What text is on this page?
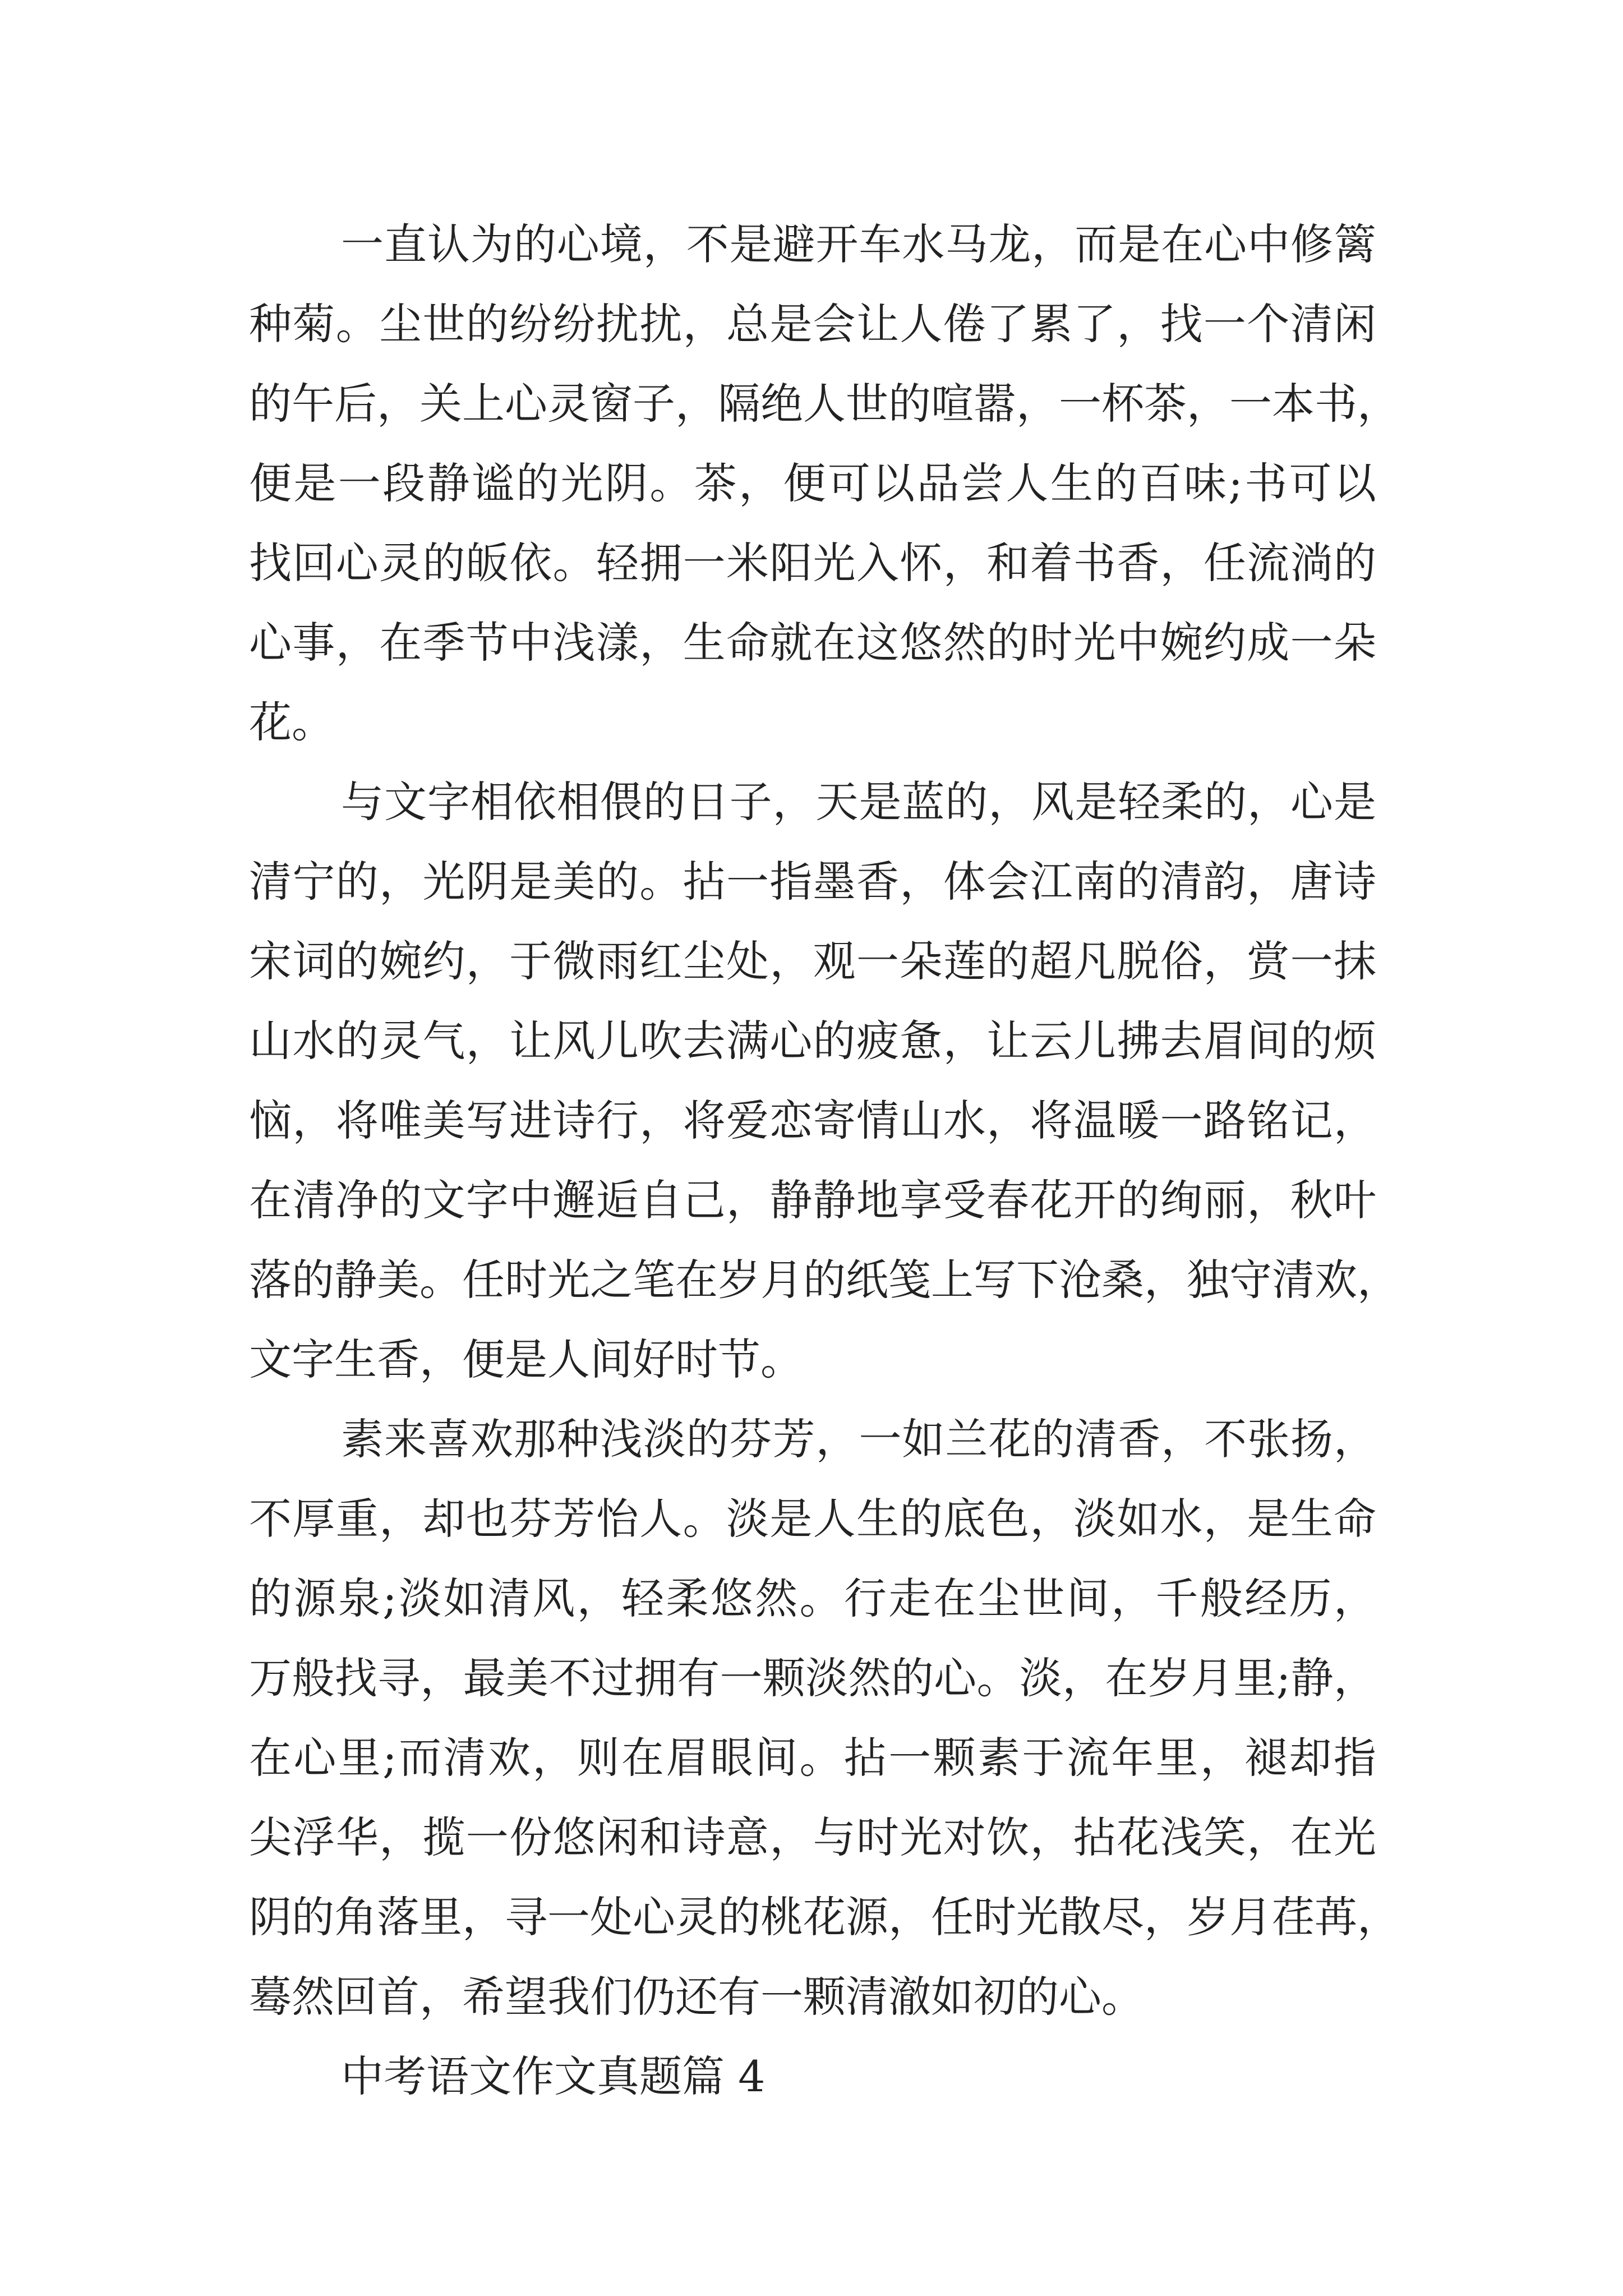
一直认为的心境，不是避开车水马龙，而是在心中修篱
种菊。尘世的纷纷扰扰，总是会让人倦了累了，找一个清闲
的午后，关上心灵窗子，隔绝人世的喧嚣，一杯茶，一本书，
便是一段静谧的光阴。茶，便可以品尝人生的百味;书可以
找回心灵的皈依。轻拥一米阳光入怀，和着书香，任流淌的
心事，在季节中浅漾，生命就在这悠然的时光中婉约成一朵
花。
与文字相依相偎的日子，天是蓝的，风是轻柔的，心是
清宁的，光阴是美的。拈一指墨香，体会江南的清韵，唐诗
宋词的婉约，于微雨红尘处，观一朵莲的超凡脱俗，赏一抹
山水的灵气，让风儿吹去满心的疲惫，让云儿拂去眉间的烦
恼，将唯美写进诗行，将爱恋寄情山水，将温暖一路铭记，
在清净的文字中邂逅自己，静静地享受春花开的绚丽，秋叶
落的静美。任时光之笔在岁月的纸笺上写下沧桑，独守清欢，
文字生香，便是人间好时节。
素来喜欢那种浅淡的芬芳，一如兰花的清香，不张扬，
不厚重，却也芬芳怡人。淡是人生的底色，淡如水，是生命
的源泉;淡如清风，轻柔悠然。行走在尘世间，千般经历，
万般找寻，最美不过拥有一颗淡然的心。淡，在岁月里;静，
在心里;而清欢，则在眉眼间。拈一颗素于流年里，褪却指
尖浮华，揽一份悠闲和诗意，与时光对饮，拈花浅笑，在光
阴的角落里，寻一处心灵的桃花源，任时光散尽，岁月荏苒，
蓦然回首，希望我们仍还有一颗清澈如初的心。
中考语文作文真题篇 4
